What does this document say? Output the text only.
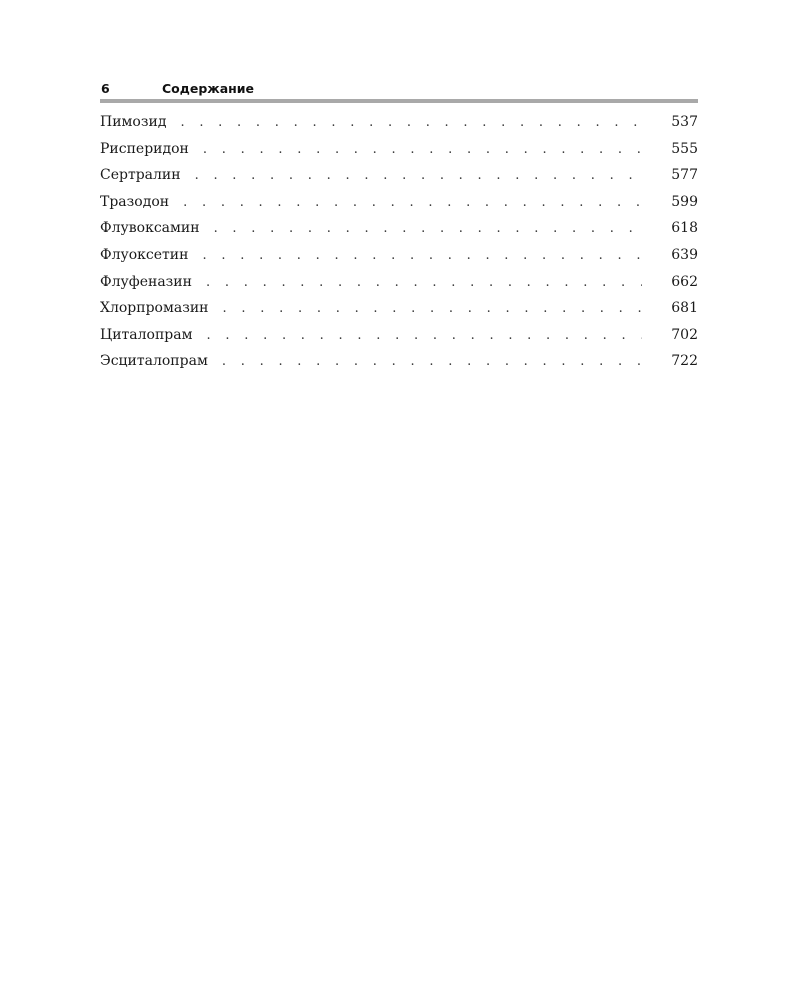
6	Содержание
Пимозид . . .	537
Рисперидон . . .	555
Сертралин . . .	577
Тразодон . . .	599
Флувоксамин . . .	618
Флуоксетин . . .	639
Флуфеназин . . .	662
Хлорпромазин . . .	681
Циталопрам . . .	702
Эсциталопрам . . .	722
